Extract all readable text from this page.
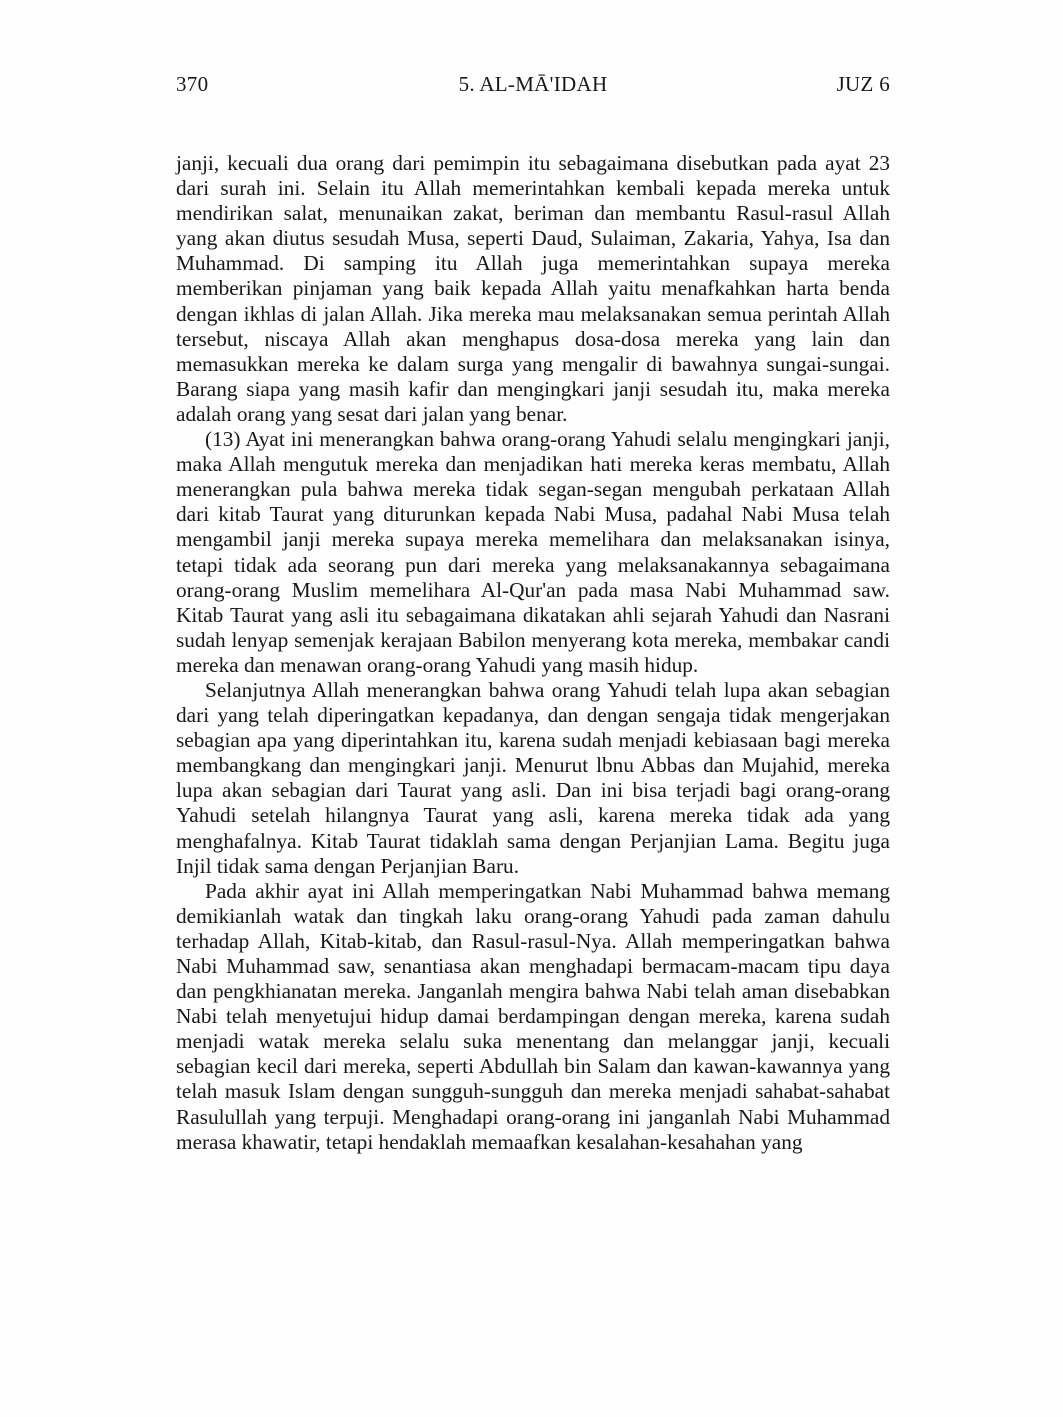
370	5. AL-MĀ'IDAH	JUZ 6

janji, kecuali dua orang dari pemimpin itu sebagaimana disebutkan pada ayat 23 dari surah ini. Selain itu Allah memerintahkan kembali kepada mereka untuk mendirikan salat, menunaikan zakat, beriman dan membantu Rasul-rasul Allah yang akan diutus sesudah Musa, seperti Daud, Sulaiman, Zakaria, Yahya, Isa dan Muhammad. Di samping itu Allah juga memerintahkan supaya mereka memberikan pinjaman yang baik kepada Allah yaitu menafkahkan harta benda dengan ikhlas di jalan Allah. Jika mereka mau melaksanakan semua perintah Allah tersebut, niscaya Allah akan menghapus dosa-dosa mereka yang lain dan memasukkan mereka ke dalam surga yang mengalir di bawahnya sungai-sungai. Barang siapa yang masih kafir dan mengingkari janji sesudah itu, maka mereka adalah orang yang sesat dari jalan yang benar.

(13) Ayat ini menerangkan bahwa orang-orang Yahudi selalu mengingkari janji, maka Allah mengutuk mereka dan menjadikan hati mereka keras membatu, Allah menerangkan pula bahwa mereka tidak segan-segan mengubah perkataan Allah dari kitab Taurat yang diturunkan kepada Nabi Musa, padahal Nabi Musa telah mengambil janji mereka supaya mereka memelihara dan melaksanakan isinya, tetapi tidak ada seorang pun dari mereka yang melaksanakannya sebagaimana orang-orang Muslim memelihara Al-Qur'an pada masa Nabi Muhammad saw. Kitab Taurat yang asli itu sebagaimana dikatakan ahli sejarah Yahudi dan Nasrani sudah lenyap semenjak kerajaan Babilon menyerang kota mereka, membakar candi mereka dan menawan orang-orang Yahudi yang masih hidup.

Selanjutnya Allah menerangkan bahwa orang Yahudi telah lupa akan sebagian dari yang telah diperingatkan kepadanya, dan dengan sengaja tidak mengerjakan sebagian apa yang diperintahkan itu, karena sudah menjadi kebiasaan bagi mereka membangkang dan mengingkari janji. Menurut lbnu Abbas dan Mujahid, mereka lupa akan sebagian dari Taurat yang asli. Dan ini bisa terjadi bagi orang-orang Yahudi setelah hilangnya Taurat yang asli, karena mereka tidak ada yang menghafalnya. Kitab Taurat tidaklah sama dengan Perjanjian Lama. Begitu juga Injil tidak sama dengan Perjanjian Baru.

Pada akhir ayat ini Allah memperingatkan Nabi Muhammad bahwa memang demikianlah watak dan tingkah laku orang-orang Yahudi pada zaman dahulu terhadap Allah, Kitab-kitab, dan Rasul-rasul-Nya. Allah memperingatkan bahwa Nabi Muhammad saw, senantiasa akan menghadapi bermacam-macam tipu daya dan pengkhianatan mereka. Janganlah mengira bahwa Nabi telah aman disebabkan Nabi telah menyetujui hidup damai berdampingan dengan mereka, karena sudah menjadi watak mereka selalu suka menentang dan melanggar janji, kecuali sebagian kecil dari mereka, seperti Abdullah bin Salam dan kawan-kawannya yang telah masuk Islam dengan sungguh-sungguh dan mereka menjadi sahabat-sahabat Rasulullah yang terpuji. Menghadapi orang-orang ini janganlah Nabi Muhammad merasa khawatir, tetapi hendaklah memaafkan kesalahan-kesahahan yang
